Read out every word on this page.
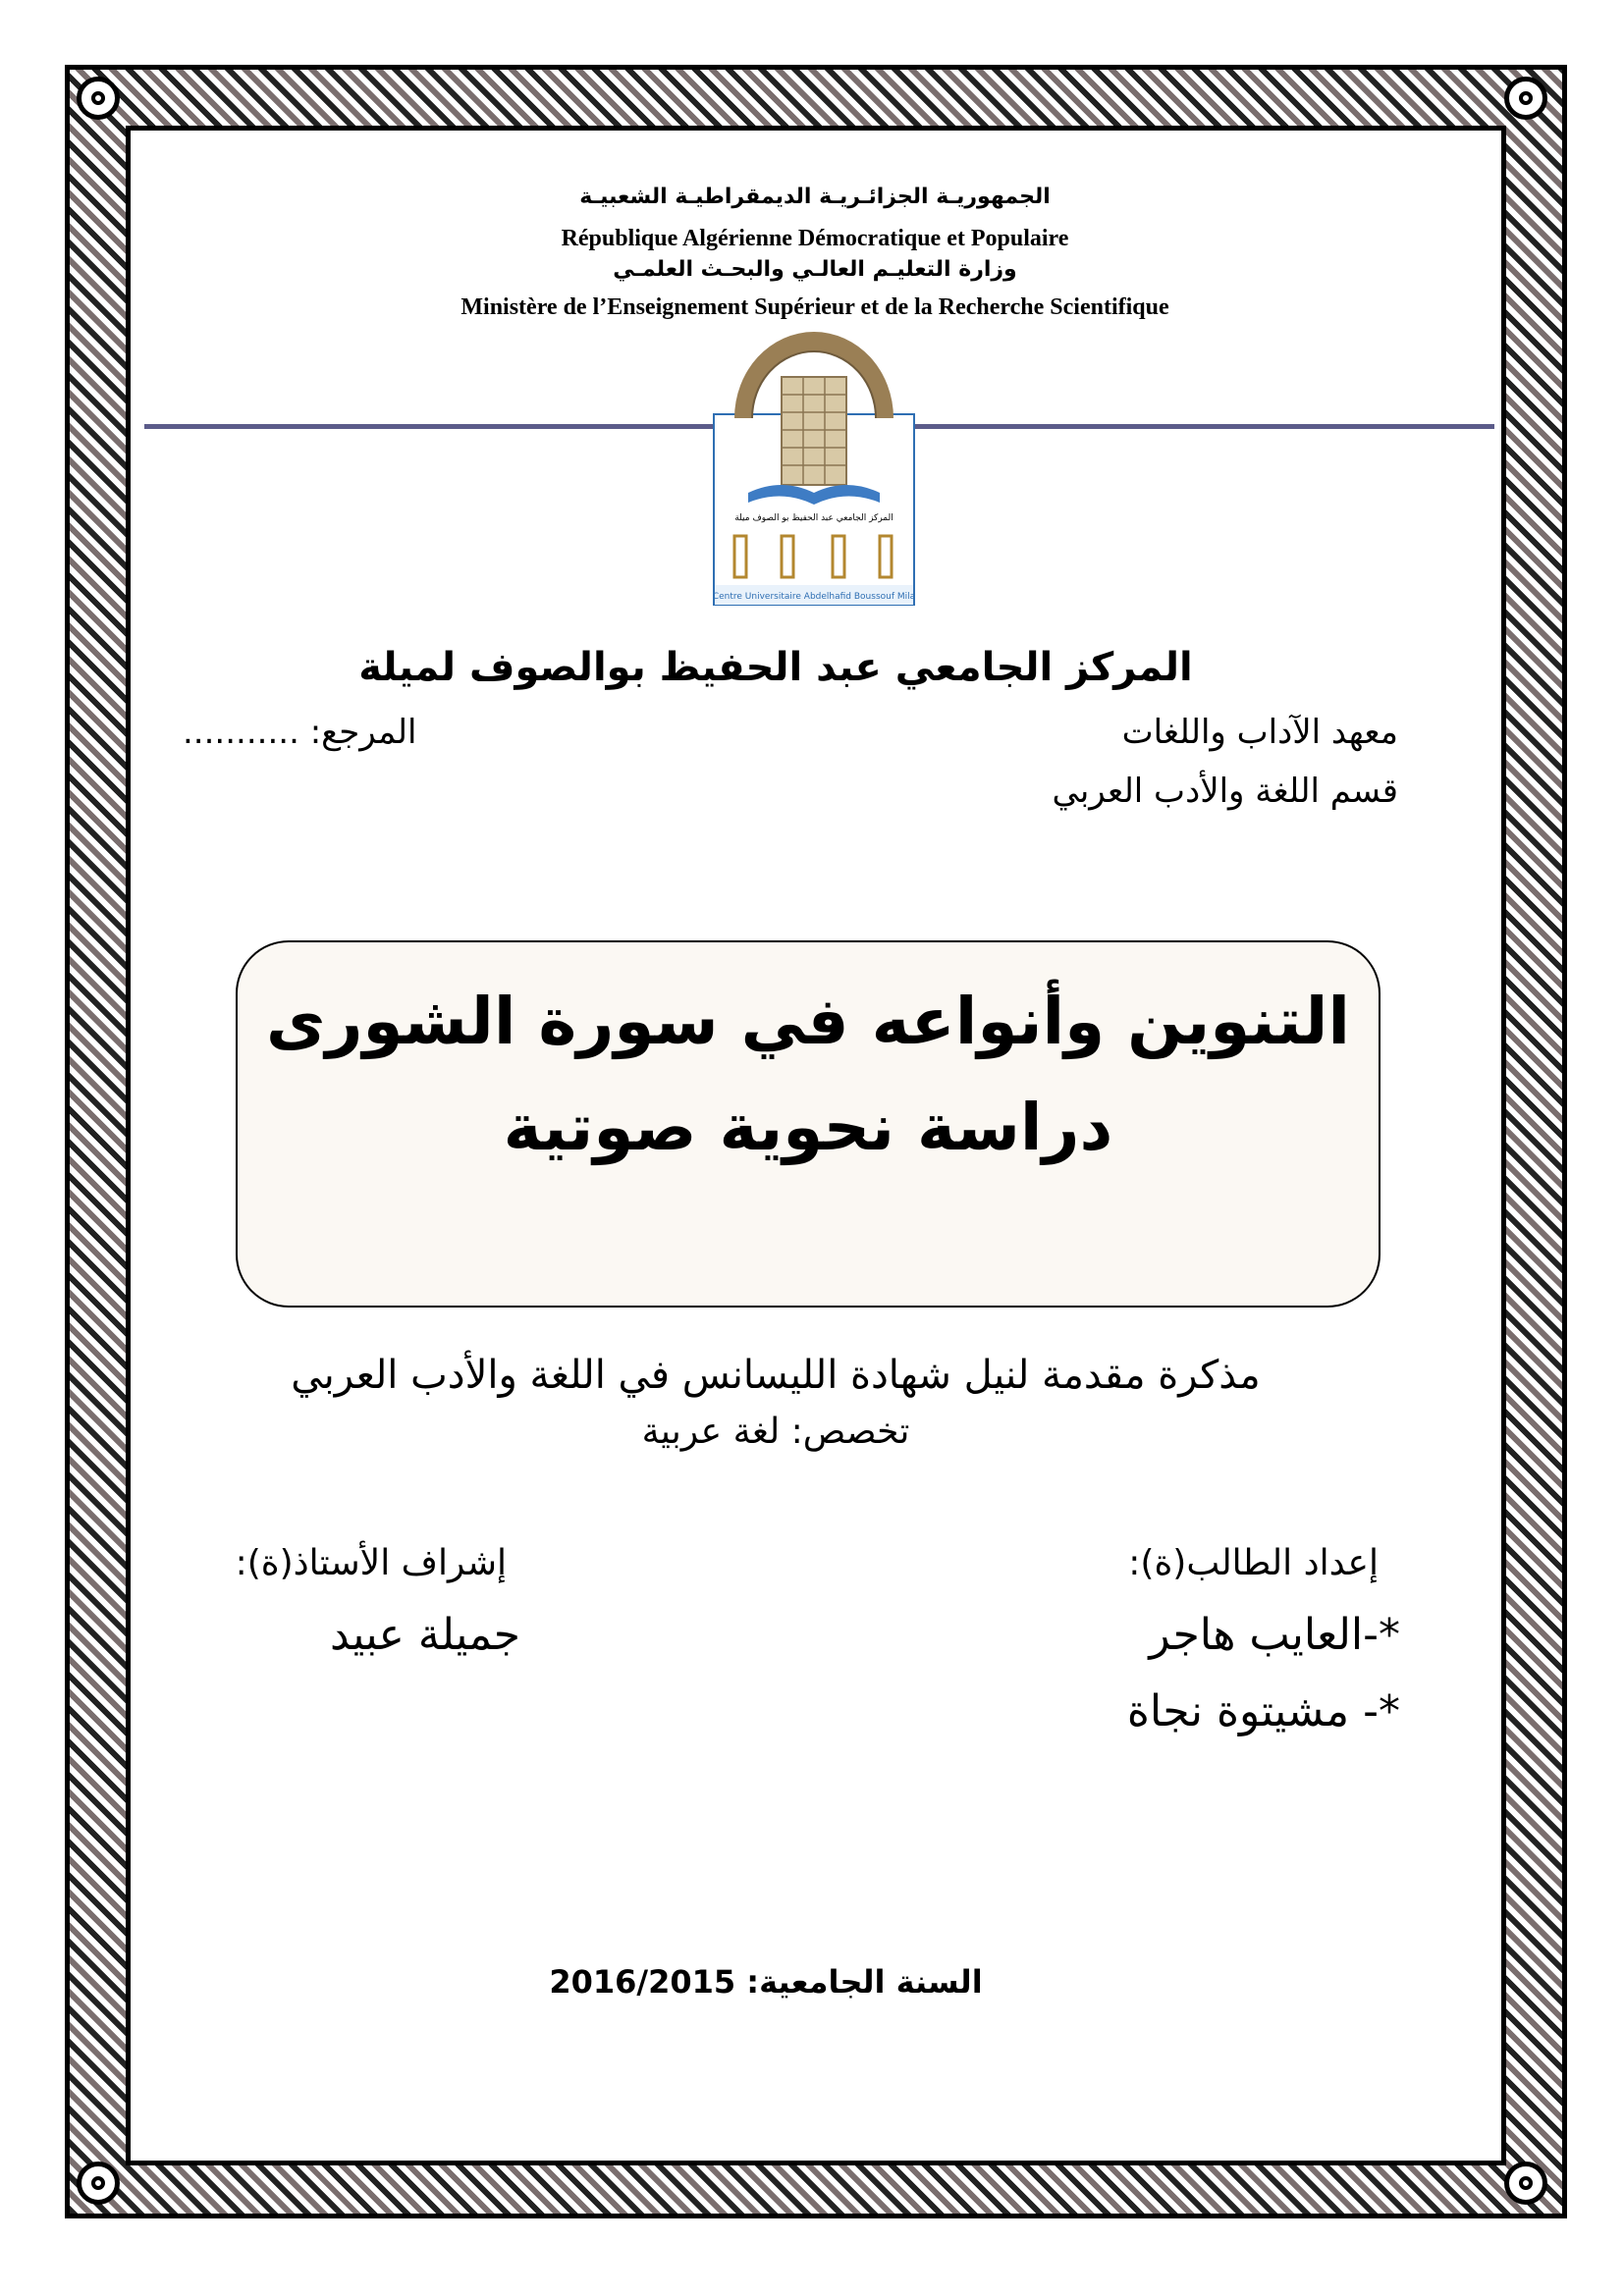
الجمهوريـة الجزائـريـة الديمقراطيـة الشعبيـة
République Algérienne Démocratique et Populaire
وزارة التعليـم العالـي والبحـث العلمـي
Ministère de l’Enseignement Supérieur et de la Recherche Scientifique
المركز الجامعي عبد الحفيظ بو الصوف ميلة
Centre Universitaire Abdelhafid Boussouf Mila
المركز الجامعي عبد الحفيظ بوالصوف لميلة
معهد الآداب واللغات
قسم اللغة والأدب العربي
المرجع: ...........
التنوين وأنواعه في سورة الشورى
دراسة نحوية صوتية
مذكرة مقدمة لنيل شهادة الليسانس في اللغة والأدب العربي
تخصص: لغة عربية
إعداد الطالب(ة):
*-العايب هاجر
*- مشيتوة نجاة
إشراف الأستاذ(ة):
جميلة عبيد
السنة الجامعية: 2016/2015
